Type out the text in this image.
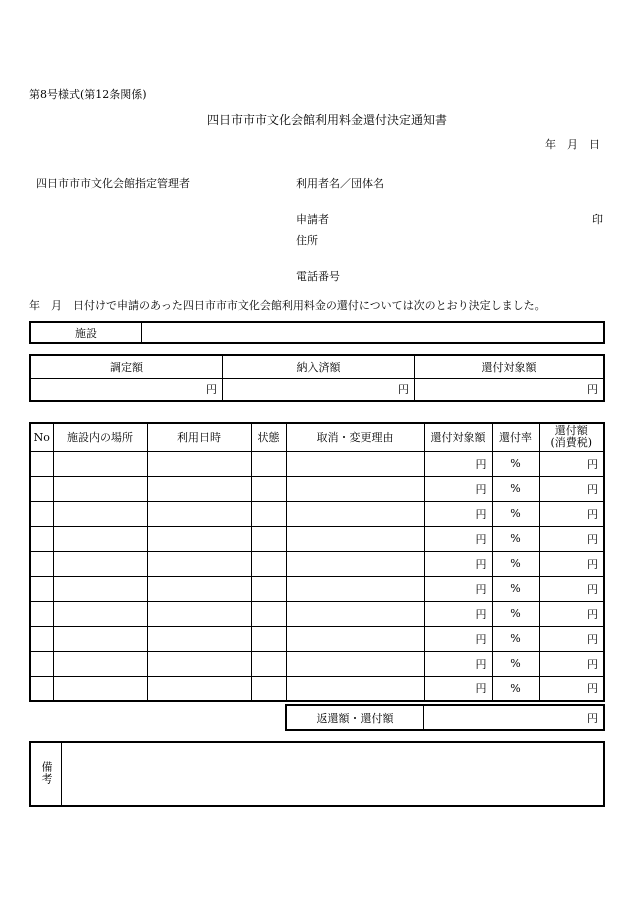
第8号様式(第12条関係)
四日市市市文化会館利用料金還付決定通知書
年　月　日
四日市市市文化会館指定管理者	利用者名／団体名
申請者	印
住所
電話番号
年　月　日付けで申請のあった四日市市市文化会館利用料金の還付については次のとおり決定しました。
施設	
調定額	納入済額	還付対象額
円	円	円
No	施設内の場所	利用日時	状態	取消・変更理由	還付対象額	還付率	還付額
(消費税)
					円	%	円
					円	%	円
					円	%	円
					円	%	円
					円	%	円
					円	%	円
					円	%	円
					円	%	円
					円	%	円
					円	%	円
返還額・還付額	円
備考	
